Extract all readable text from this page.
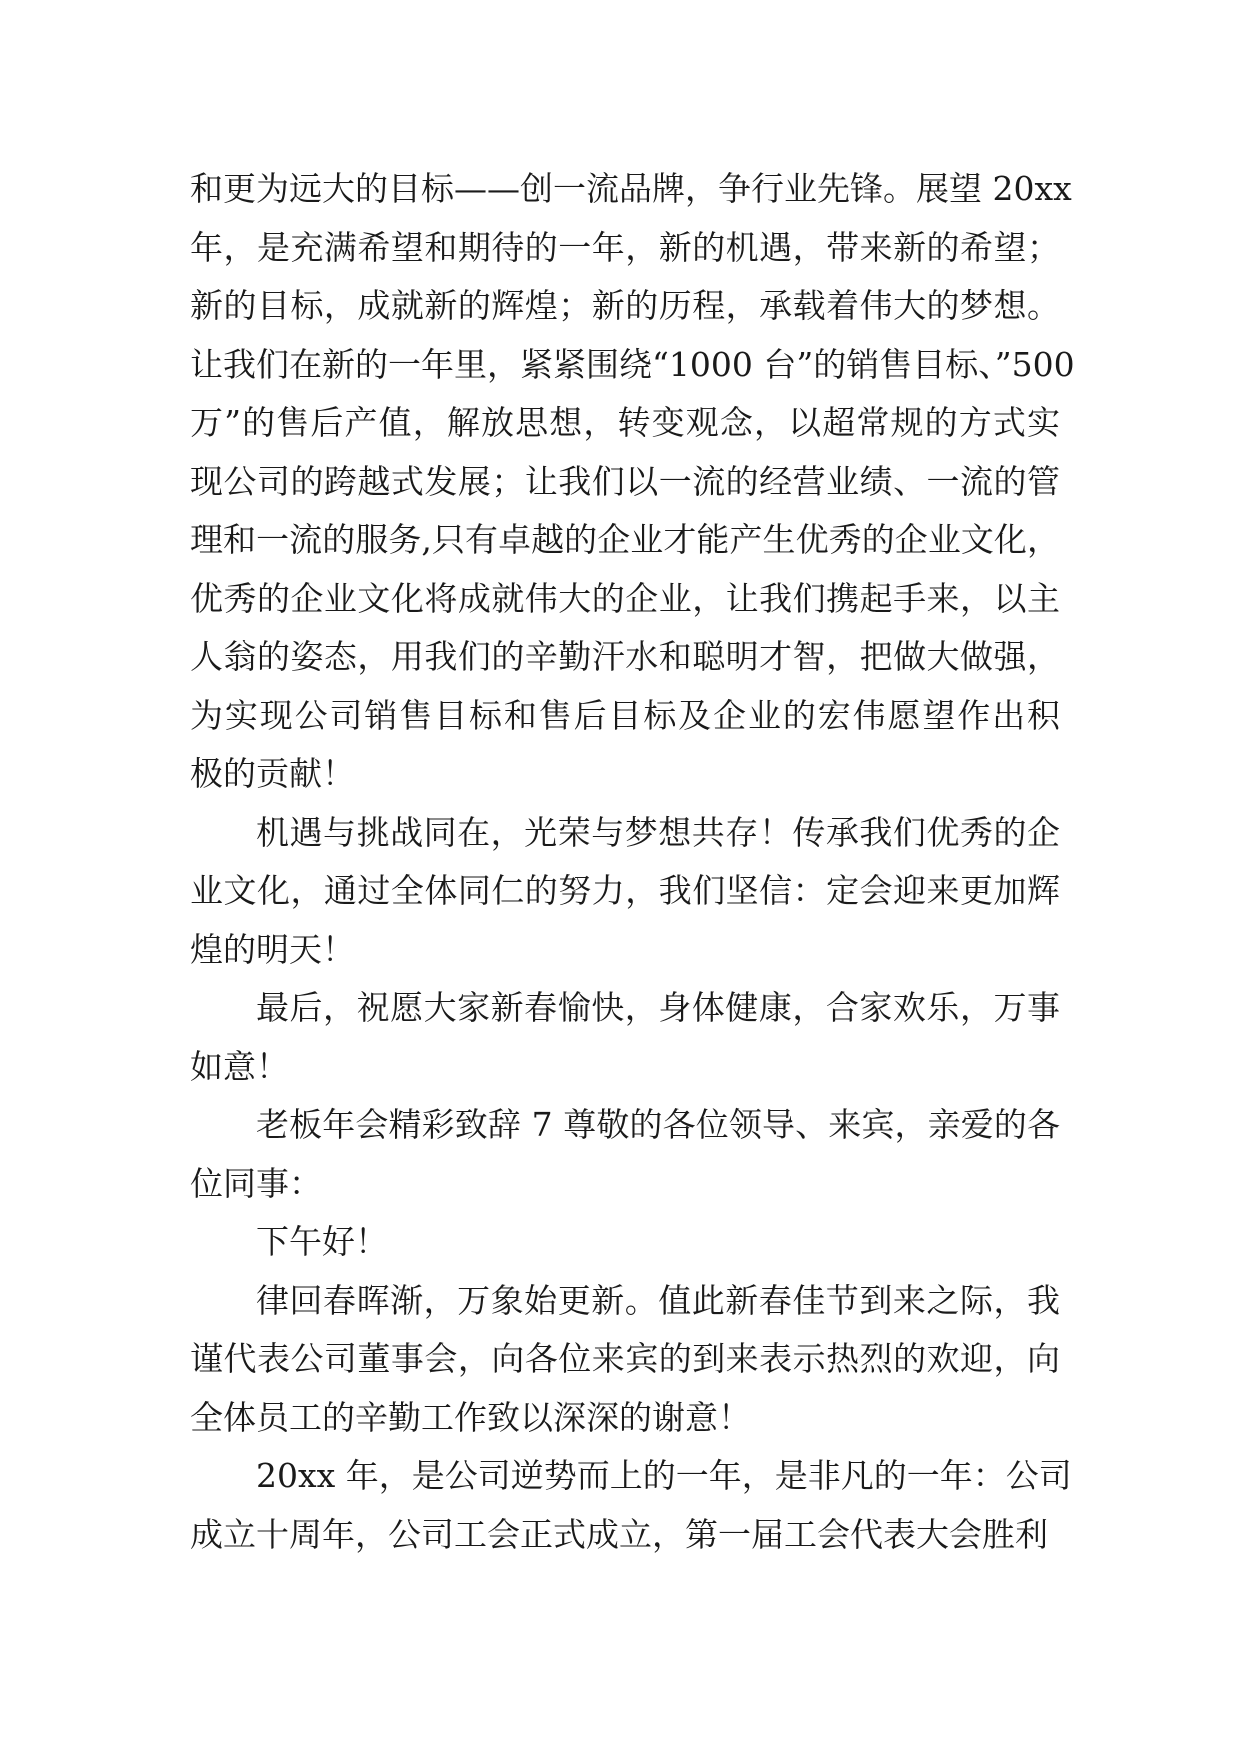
和更为远大的目标——创一流品牌，争行业先锋。展望 20xx
年，是充满希望和期待的一年，新的机遇，带来新的希望；
新的目标，成就新的辉煌；新的历程，承载着伟大的梦想。
让我们在新的一年里，紧紧围绕“1000 台”的销售目标、”500
万”的售后产值，解放思想，转变观念，以超常规的方式实
现公司的跨越式发展；让我们以一流的经营业绩、一流的管
理和一流的服务,只有卓越的企业才能产生优秀的企业文化，
优秀的企业文化将成就伟大的企业，让我们携起手来，以主
人翁的姿态，用我们的辛勤汗水和聪明才智，把做大做强，
为实现公司销售目标和售后目标及企业的宏伟愿望作出积
极的贡献！
机遇与挑战同在，光荣与梦想共存！传承我们优秀的企
业文化，通过全体同仁的努力，我们坚信：定会迎来更加辉
煌的明天！
最后，祝愿大家新春愉快，身体健康，合家欢乐，万事
如意！
老板年会精彩致辞 7 尊敬的各位领导、来宾，亲爱的各
位同事：
下午好！
律回春晖渐，万象始更新。值此新春佳节到来之际，我
谨代表公司董事会，向各位来宾的到来表示热烈的欢迎，向
全体员工的辛勤工作致以深深的谢意！
20xx 年，是公司逆势而上的一年，是非凡的一年：公司
成立十周年，公司工会正式成立，第一届工会代表大会胜利
